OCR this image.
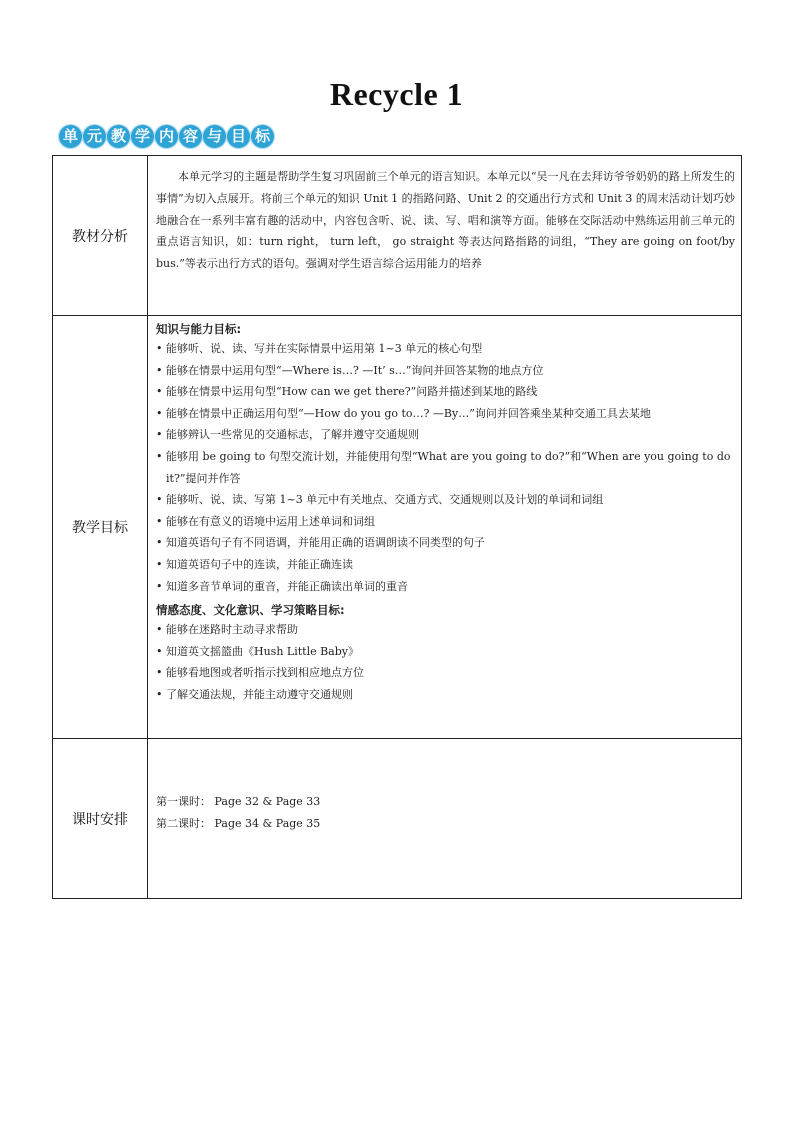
Recycle 1
单 元 教 学 内 容 与 目 标
教材分析

本单元学习的主题是帮助学生复习巩固前三个单元的语言知识。本单元以“吴一凡在去拜访爷爷奶奶的路上所发生的事情”为切入点展开。将前三个单元的知识 Unit 1 的指路问路、Unit 2 的交通出行方式和 Unit 3 的周末活动计划巧妙地融合在一系列丰富有趣的活动中，内容包含听、说、读、写、唱和演等方面。能够在交际活动中熟练运用前三单元的重点语言知识，如：turn right， turn left， go straight 等表达问路指路的词组，“They are going on foot/by bus.”等表示出行方式的语句。强调对学生语言综合运用能力的培养

教学目标

知识与能力目标:

• 能够听、说、读、写并在实际情景中运用第 1~3 单元的核心句型
• 能够在情景中运用句型“—Where is…? —It’ s…”询问并回答某物的地点方位
• 能够在情景中运用句型“How can we get there?”问路并描述到某地的路线
• 能够在情景中正确运用句型“—How do you go to…? —By…”询问并回答乘坐某种交通工具去某地
• 能够辨认一些常见的交通标志，了解并遵守交通规则
• 能够用 be going to 句型交流计划，并能使用句型“What are you going to do?”和“When are you going to do it?”提问并作答
• 能够听、说、读、写第 1~3 单元中有关地点、交通方式、交通规则以及计划的单词和词组
• 能够在有意义的语境中运用上述单词和词组
• 知道英语句子有不同语调，并能用正确的语调朗读不同类型的句子
• 知道英语句子中的连读，并能正确连读
• 知道多音节单词的重音，并能正确读出单词的重音

情感态度、文化意识、学习策略目标:

• 能够在迷路时主动寻求帮助
• 知道英文摇篮曲《Hush Little Baby》
• 能够看地图或者听指示找到相应地点方位
• 了解交通法规，并能主动遵守交通规则
课时安排
第一课时： Page 32 & Page 33
第二课时： Page 34 & Page 35
